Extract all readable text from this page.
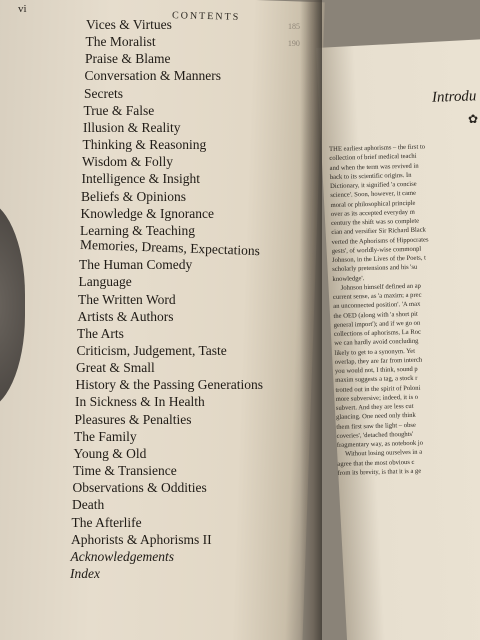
vi
CONTENTS
Vices & Virtues	185
The Moralist	190
Praise & Blame
Conversation & Manners
Secrets
True & False
Illusion & Reality
Thinking & Reasoning
Wisdom & Folly
Intelligence & Insight
Beliefs & Opinions
Knowledge & Ignorance
Learning & Teaching
Memories, Dreams, Expectations
The Human Comedy
Language
The Written Word
Artists & Authors
The Arts
Criticism, Judgement, Taste
Great & Small
History & the Passing Generations
In Sickness & In Health
Pleasures & Penalties
The Family
Young & Old
Time & Transience
Observations & Oddities
Death
The Afterlife
Aphorists & Aphorisms II
Acknowledgements
Index
Introdu
✿
THE earliest aphorisms – the first to
collection of brief medical teachi
and when the term was revived in
back to its scientific origins. In
Dictionary, it signified 'a concise
science'. Soon, however, it came
moral or philosophical principle
over as its accepted everyday m
century the shift was so complete
cian and versifier Sir Richard Black
verted the Aphorisms of Hippocrates
gests', of worldly-wise commonpl
Johnson, in the Lives of the Poets, t
scholarly pretensions and his 'su
knowledge'.
Johnson himself defined an ap
current sense, as 'a maxim; a prec
an unconnected position'. 'A max
the OED (along with 'a short pit
general import'); and if we go on
collections of aphorisms, La Roc
we can hardly avoid concluding
likely to get to a synonym. Yet
overlap, they are far from interch
you would not, I think, sound p
maxim suggests a tag, a stock r
trotted out in the spirit of Poloni
more subversive; indeed, it is o
subvert. And they are less cut
glancing. One need only think
them first saw the light – obse
coveries', 'detached thoughts'
fragmentary way, as notebook jo
Without losing ourselves in a
agree that the most obvious c
from its brevity, is that it is a ge
